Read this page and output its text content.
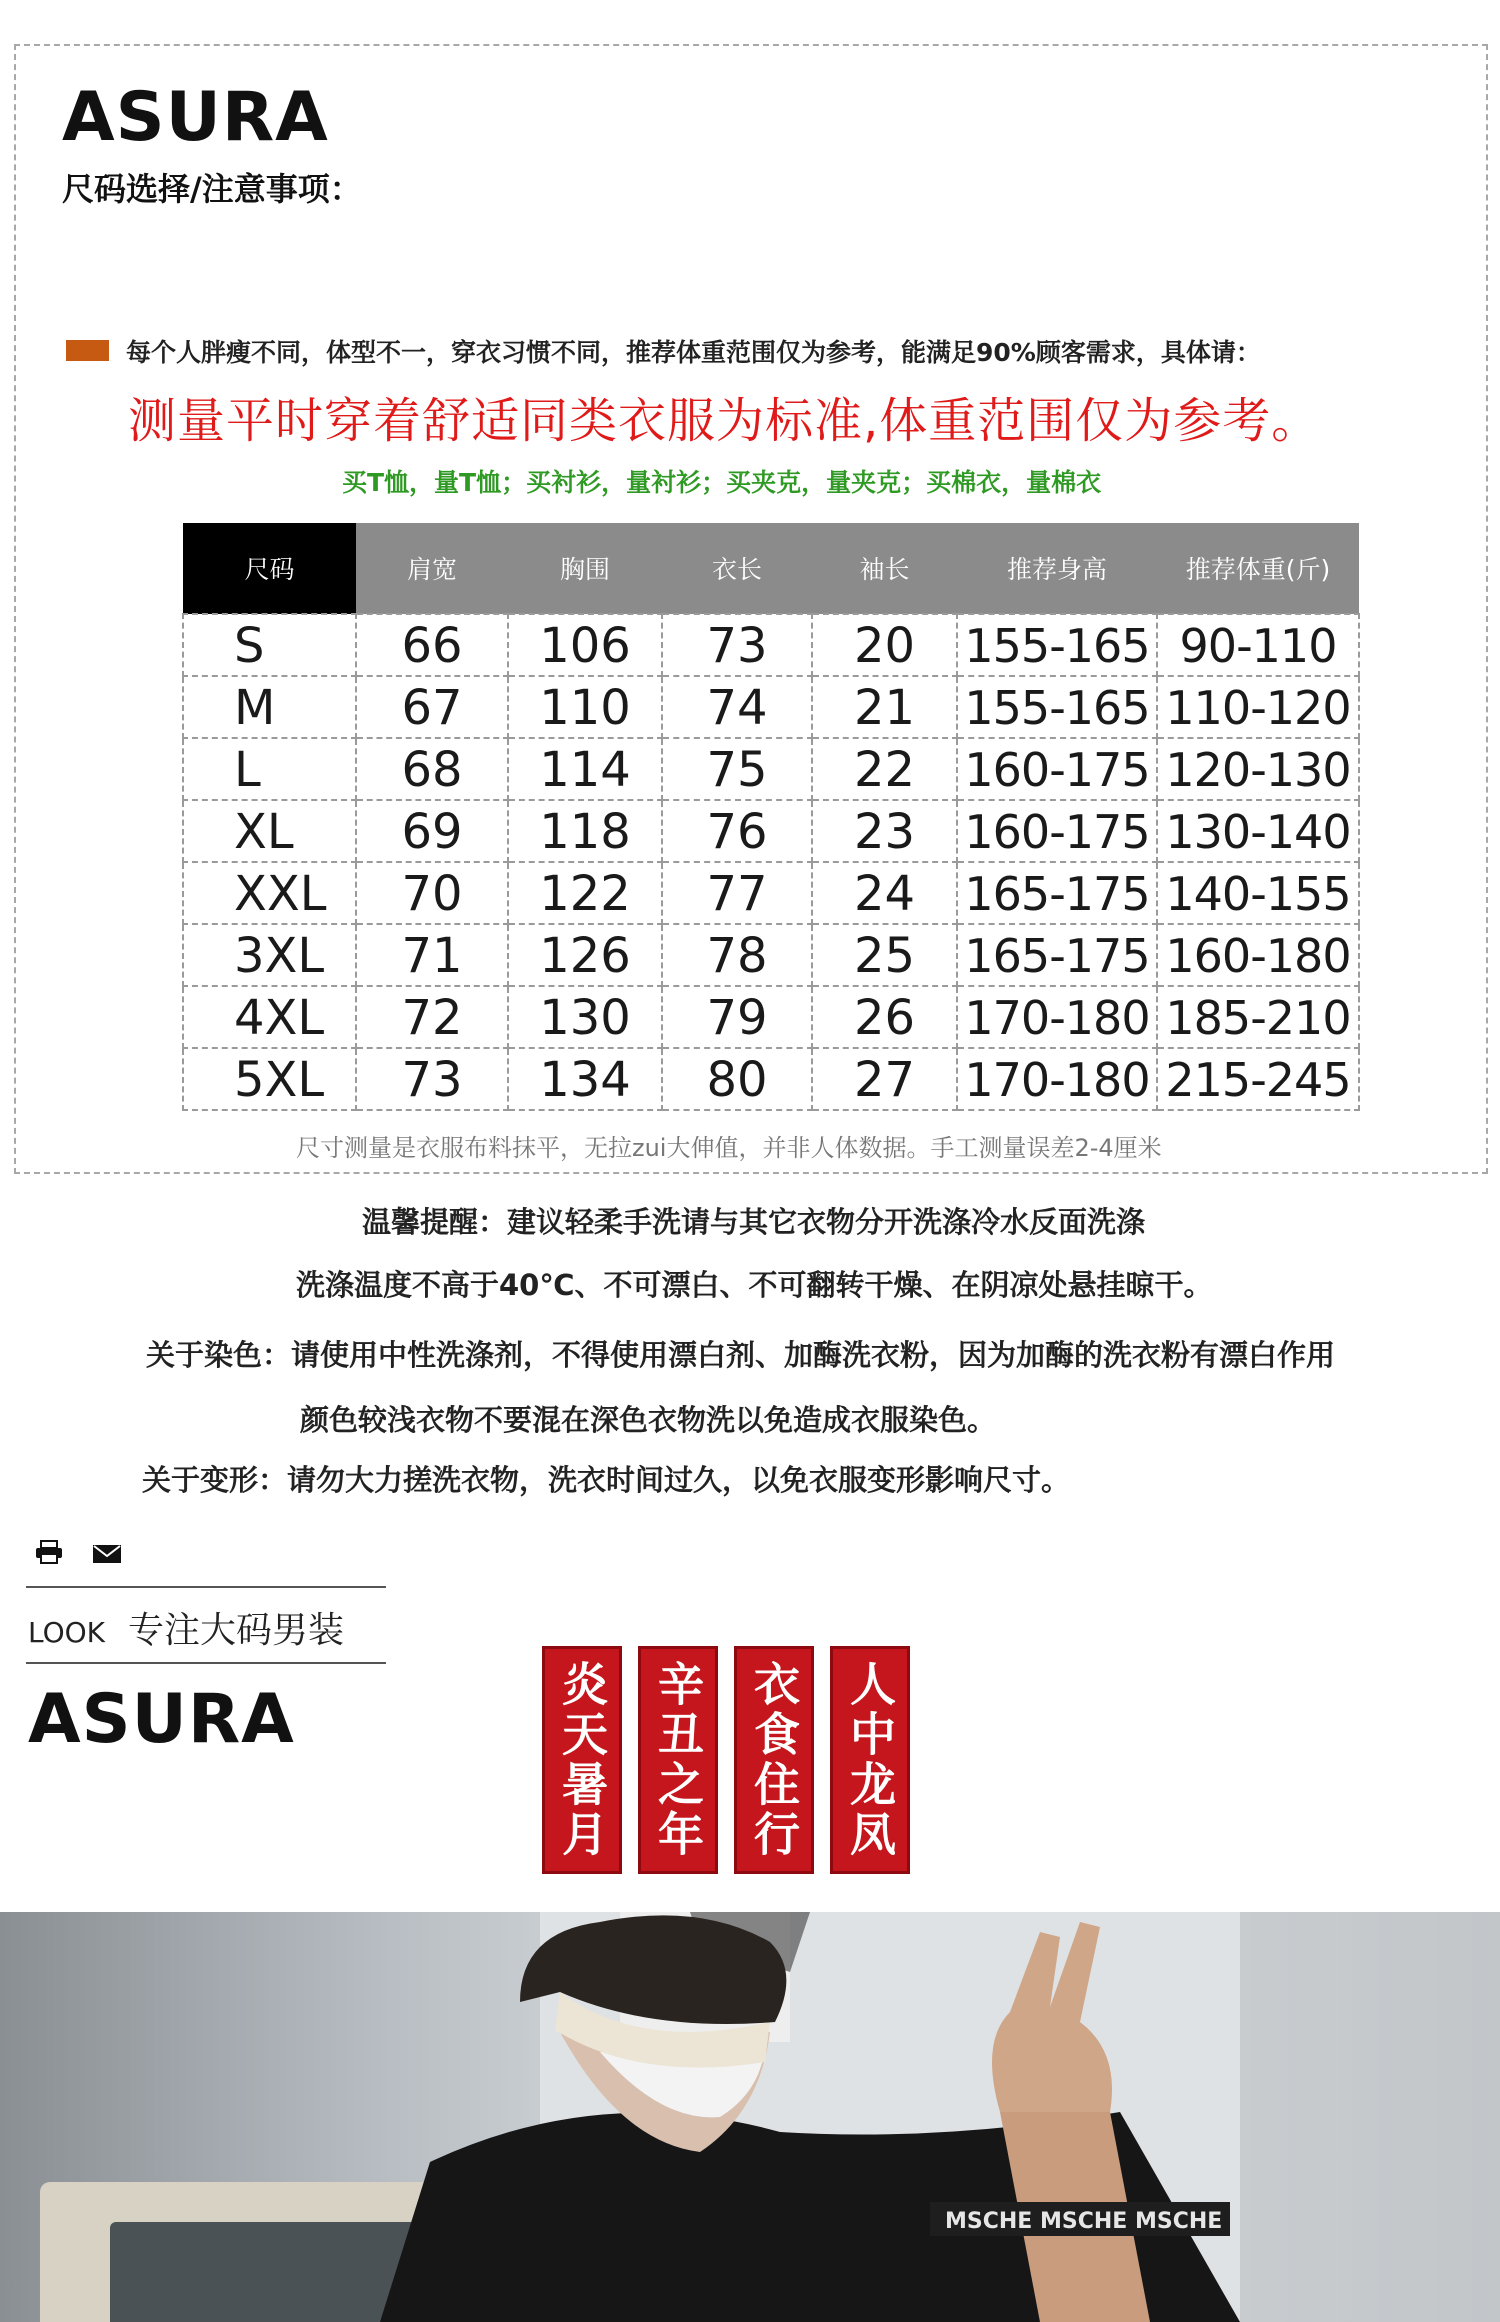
ASURA
尺码选择/注意事项：
每个人胖瘦不同，体型不一，穿衣习惯不同，推荐体重范围仅为参考，能满足90%顾客需求，具体请：
测量平时穿着舒适同类衣服为标准,体重范围仅为参考。
买T恤，量T恤；买衬衫，量衬衫；买夹克，量夹克；买棉衣，量棉衣
尺码	肩宽	胸围	衣长	袖长	推荐身高	推荐体重(斤)
S	66	106	73	20	155-165	90-110
M	67	110	74	21	155-165	110-120
L	68	114	75	22	160-175	120-130
XL	69	118	76	23	160-175	130-140
XXL	70	122	77	24	165-175	140-155
3XL	71	126	78	25	165-175	160-180
4XL	72	130	79	26	170-180	185-210
5XL	73	134	80	27	170-180	215-245
尺寸测量是衣服布料抹平，无拉zui大伸值，并非人体数据。手工测量误差2-4厘米
温馨提醒：建议轻柔手洗请与其它衣物分开洗涤冷水反面洗涤
洗涤温度不高于40℃、不可漂白、不可翻转干燥、在阴凉处悬挂晾干。
关于染色：请使用中性洗涤剂，不得使用漂白剂、加酶洗衣粉，因为加酶的洗衣粉有漂白作用
颜色较浅衣物不要混在深色衣物洗以免造成衣服染色。
关于变形：请勿大力搓洗衣物，洗衣时间过久，以免衣服变形影响尺寸。
LOOK 专注大码男装
ASURA	炎天暑月 辛丑之年 衣食住行 人中龙凤
MSCHE MSCHE MSCHE
